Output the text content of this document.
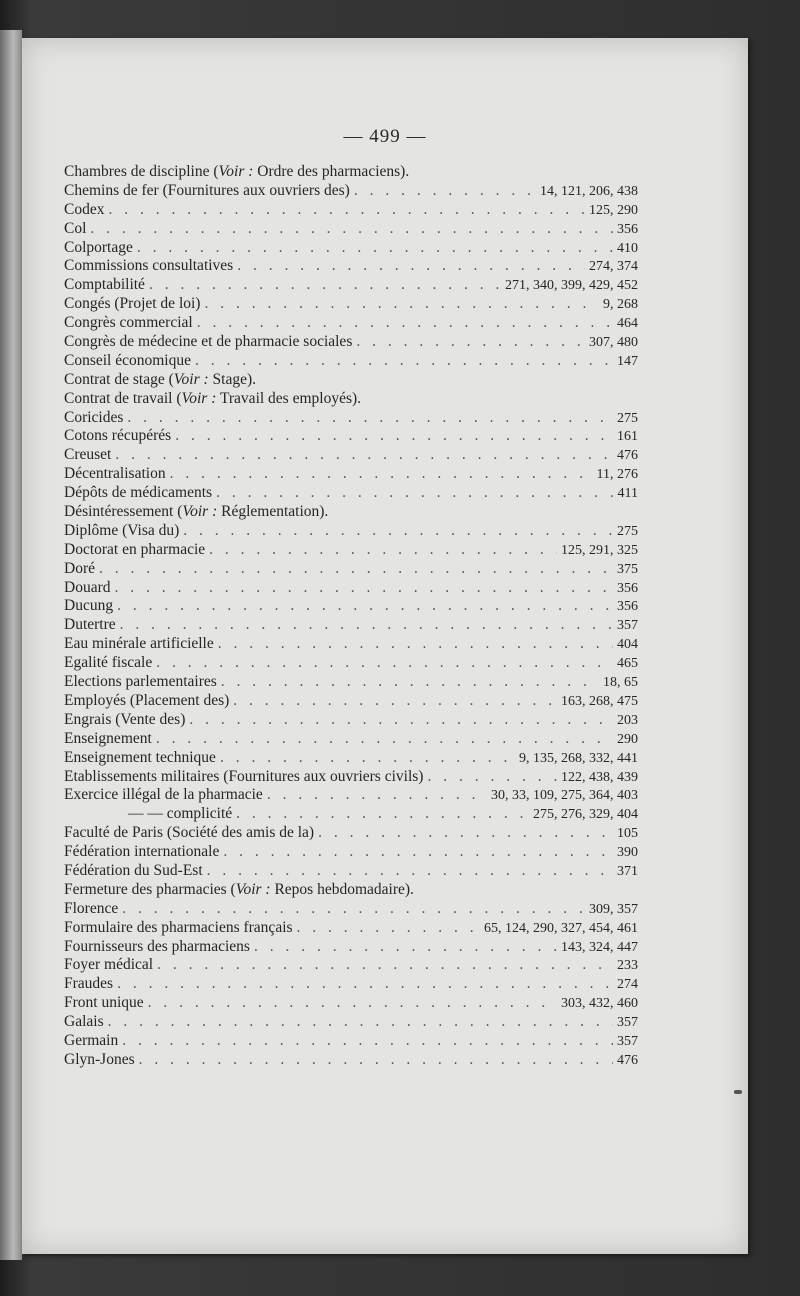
— 499 —
Chambres de discipline (Voir : Ordre des pharmaciens).
Chemins de fer (Fournitures aux ouvriers des) . . .	14, 121, 206, 438
Codex . . .	125, 290
Col . . .	356
Colportage . . .	410
Commissions consultatives . . .	274, 374
Comptabilité . . .	271, 340, 399, 429, 452
Congés (Projet de loi) . . .	9, 268
Congrès commercial . . .	464
Congrès de médecine et de pharmacie sociales . . .	307, 480
Conseil économique . . .	147
Contrat de stage (Voir : Stage).
Contrat de travail (Voir : Travail des employés).
Coricides . . .	275
Cotons récupérés . . .	161
Creuset . . .	476
Décentralisation . . .	11, 276
Dépôts de médicaments . . .	411
Désintéressement (Voir : Réglementation).
Diplôme (Visa du) . . .	275
Doctorat en pharmacie . . .	125, 291, 325
Doré . . .	375
Douard . . .	356
Ducung . . .	356
Dutertre . . .	357
Eau minérale artificielle . . .	404
Egalité fiscale . . .	465
Elections parlementaires . . .	18, 65
Employés (Placement des) . . .	163, 268, 475
Engrais (Vente des) . . .	203
Enseignement . . .	290
Enseignement technique . . .	9, 135, 268, 332, 441
Etablissements militaires (Fournitures aux ouvriers civils) . . .	122, 438, 439
Exercice illégal de la pharmacie . . .	30, 33, 109, 275, 364, 403
— — complicité . . .	275, 276, 329, 404
Faculté de Paris (Société des amis de la) . . .	105
Fédération internationale . . .	390
Fédération du Sud-Est . . .	371
Fermeture des pharmacies (Voir : Repos hebdomadaire).
Florence . . .	309, 357
Formulaire des pharmaciens français . . .	65, 124, 290, 327, 454, 461
Fournisseurs des pharmaciens . . .	143, 324, 447
Foyer médical . . .	233
Fraudes . . .	274
Front unique . . .	303, 432, 460
Galais . . .	357
Germain . . .	357
Glyn-Jones . . .	476
